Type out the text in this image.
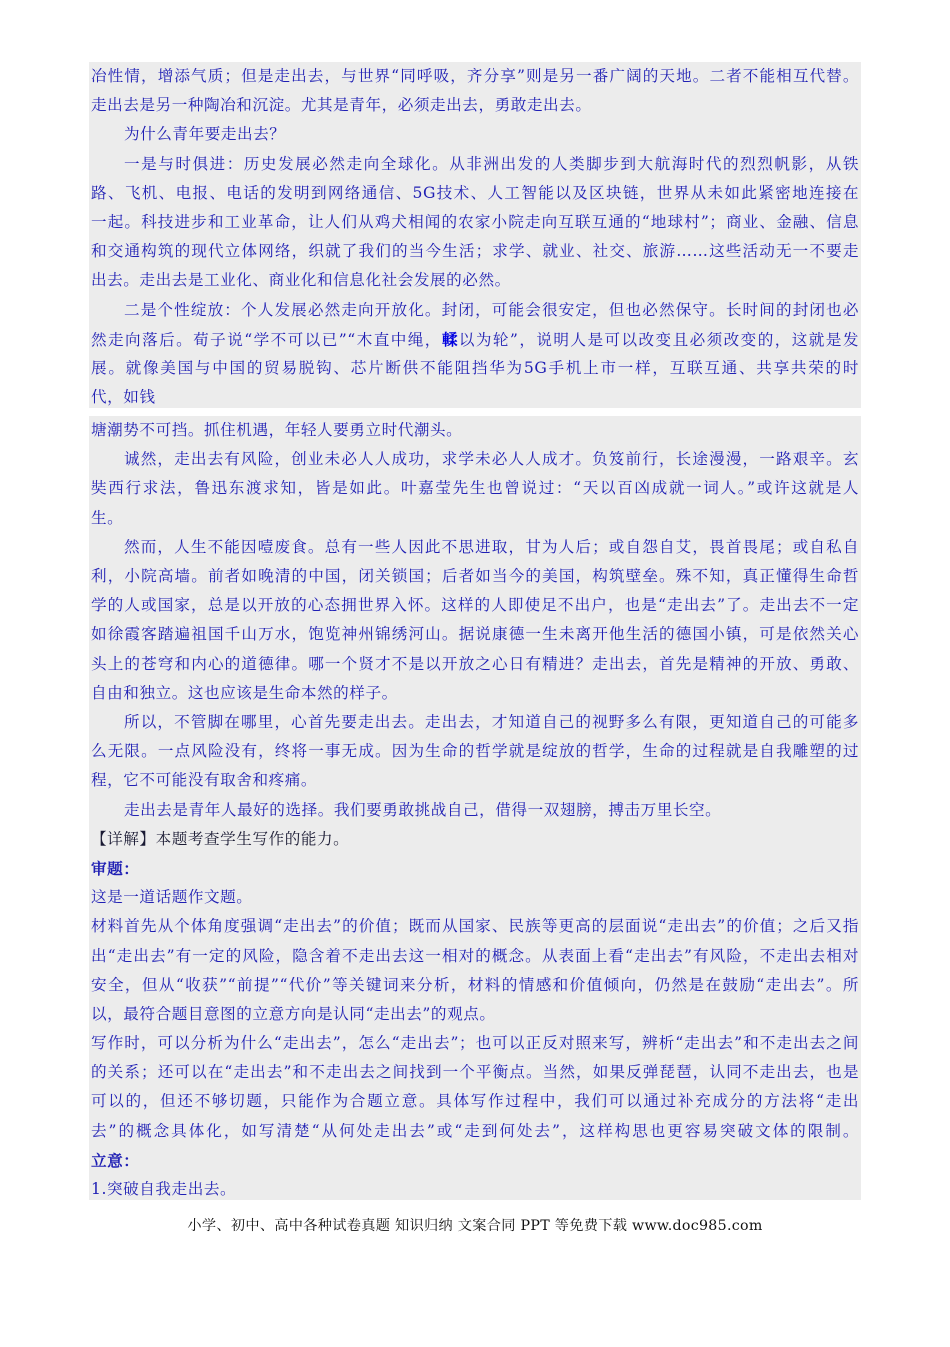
冶性情，增添气质；但是走出去，与世界“同呼吸，齐分享”则是另一番广阔的天地。二者不能相互代替。

走出去是另一种陶冶和沉淀。尤其是青年，必须走出去，勇敢走出去。

为什么青年要走出去？

一是与时俱进：历史发展必然走向全球化。从非洲出发的人类脚步到大航海时代的烈烈帆影，从铁

路、飞机、电报、电话的发明到网络通信、5G技术、人工智能以及区块链，世界从未如此紧密地连接在

一起。科技进步和工业革命，让人们从鸡犬相闻的农家小院走向互联互通的“地球村”；商业、金融、信息

和交通构筑的现代立体网络，织就了我们的当今生活；求学、就业、社交、旅游……这些活动无一不要走

出去。走出去是工业化、商业化和信息化社会发展的必然。

二是个性绽放：个人发展必然走向开放化。封闭，可能会很安定，但也必然保守。长时间的封闭也必

然走向落后。荀子说“学不可以已”“木直中绳，輮以为轮”，说明人是可以改变且必须改变的，这就是发

展。就像美国与中国的贸易脱钩、芯片断供不能阻挡华为5G手机上市一样，互联互通、共享共荣的时

代，如钱

塘潮势不可挡。抓住机遇，年轻人要勇立时代潮头。

诚然，走出去有风险，创业未必人人成功，求学未必人人成才。负笈前行，长途漫漫，一路艰辛。玄

奘西行求法，鲁迅东渡求知，皆是如此。叶嘉莹先生也曾说过：“天以百凶成就一词人。”或许这就是人

生。

然而，人生不能因噎废食。总有一些人因此不思进取，甘为人后；或自怨自艾，畏首畏尾；或自私自

利，小院高墙。前者如晚清的中国，闭关锁国；后者如当今的美国，构筑壁垒。殊不知，真正懂得生命哲

学的人或国家，总是以开放的心态拥世界入怀。这样的人即使足不出户，也是“走出去”了。走出去不一定

如徐霞客踏遍祖国千山万水，饱览神州锦绣河山。据说康德一生未离开他生活的德国小镇，可是依然关心

头上的苍穹和内心的道德律。哪一个贤才不是以开放之心日有精进？走出去，首先是精神的开放、勇敢、

自由和独立。这也应该是生命本然的样子。

所以，不管脚在哪里，心首先要走出去。走出去，才知道自己的视野多么有限，更知道自己的可能多

么无限。一点风险没有，终将一事无成。因为生命的哲学就是绽放的哲学，生命的过程就是自我雕塑的过

程，它不可能没有取舍和疼痛。

走出去是青年人最好的选择。我们要勇敢挑战自己，借得一双翅膀，搏击万里长空。

【详解】本题考查学生写作的能力。

审题：

这是一道话题作文题。

材料首先从个体角度强调“走出去”的价值；既而从国家、民族等更高的层面说“走出去”的价值；之后又指

出“走出去”有一定的风险，隐含着不走出去这一相对的概念。从表面上看“走出去”有风险，不走出去相对

安全，但从“收获”“前提”“代价”等关键词来分析，材料的情感和价值倾向，仍然是在鼓励“走出去”。所

以，最符合题目意图的立意方向是认同“走出去”的观点。

写作时，可以分析为什么“走出去”，怎么“走出去”；也可以正反对照来写，辨析“走出去”和不走出去之间

的关系；还可以在“走出去”和不走出去之间找到一个平衡点。当然，如果反弹琵琶，认同不走出去，也是

可以的，但还不够切题，只能作为合题立意。具体写作过程中，我们可以通过补充成分的方法将“走出

去”的概念具体化，如写清楚“从何处走出去”或“走到何处去”，这样构思也更容易突破文体的限制。

立意：

1.突破自我走出去。

小学、初中、高中各种试卷真题 知识归纳 文案合同 PPT 等免费下载 www.doc985.com
